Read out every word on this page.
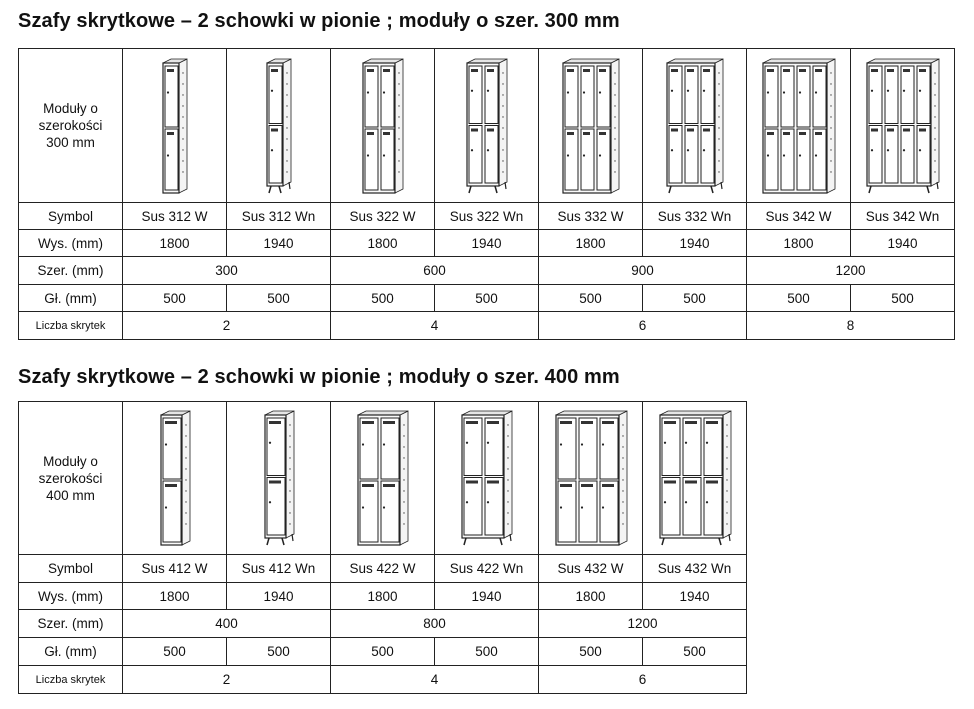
Szafy skrytkowe – 2 schowki w pionie ; moduły o szer. 300 mm
Moduły o
szerokości
300 mm

Symbol	Sus 312 W	Sus 312 Wn	Sus 322 W	Sus 322 Wn	Sus 332 W	Sus 332 Wn	Sus 342 W	Sus 342 Wn
Wys. (mm)	1800	1940	1800	1940	1800	1940	1800	1940
Szer. (mm)	300		600		900		1200	
Gł. (mm)	500	500	500	500	500	500	500	500
Liczba skrytek	2		4		6		8	
Szafy skrytkowe – 2 schowki w pionie ; moduły o szer. 400 mm
Moduły o
szerokości
400 mm

Symbol	Sus 412 W	Sus 412 Wn	Sus 422 W	Sus 422 Wn	Sus 432 W	Sus 432 Wn
Wys. (mm)	1800	1940	1800	1940	1800	1940
Szer. (mm)	400		800		1200	
Gł. (mm)	500	500	500	500	500	500
Liczba skrytek	2		4		6	
